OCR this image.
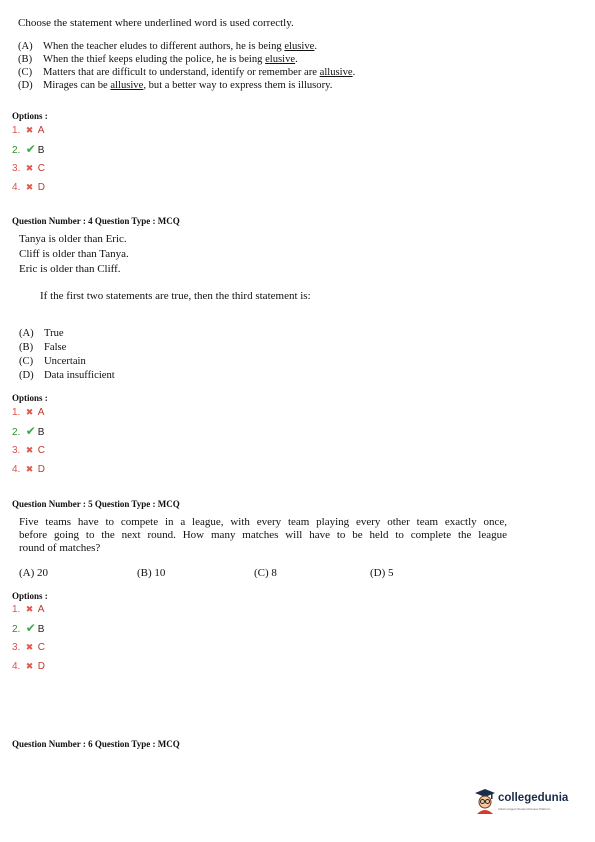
Choose the statement where underlined word is used correctly.
(A) When the teacher eludes to different authors, he is being elusive.
(B) When the thief keeps eluding the police, he is being elusive.
(C) Matters that are difficult to understand, identify or remember are allusive.
(D) Mirages can be allusive, but a better way to express them is illusory.
Options :
1. ✖ A
2. ✔ B
3. ✖ C
4. ✖ D
Question Number : 4 Question Type : MCQ
Tanya is older than Eric.
Cliff is older than Tanya.
Eric is older than Cliff.
If the first two statements are true, then the third statement is:
(A) True
(B) False
(C) Uncertain
(D) Data insufficient
Options :
1. ✖ A
2. ✔ B
3. ✖ C
4. ✖ D
Question Number : 5 Question Type : MCQ
Five teams have to compete in a league, with every team playing every other team exactly once,
before going to the next round. How many matches will have to be held to complete the league
round of matches?
(A) 20	(B) 10	(C) 8	(D) 5
Options :
1. ✖ A
2. ✔ B
3. ✖ C
4. ✖ D
Question Number : 6 Question Type : MCQ
collegedunia
India's largest Student Review Platform
